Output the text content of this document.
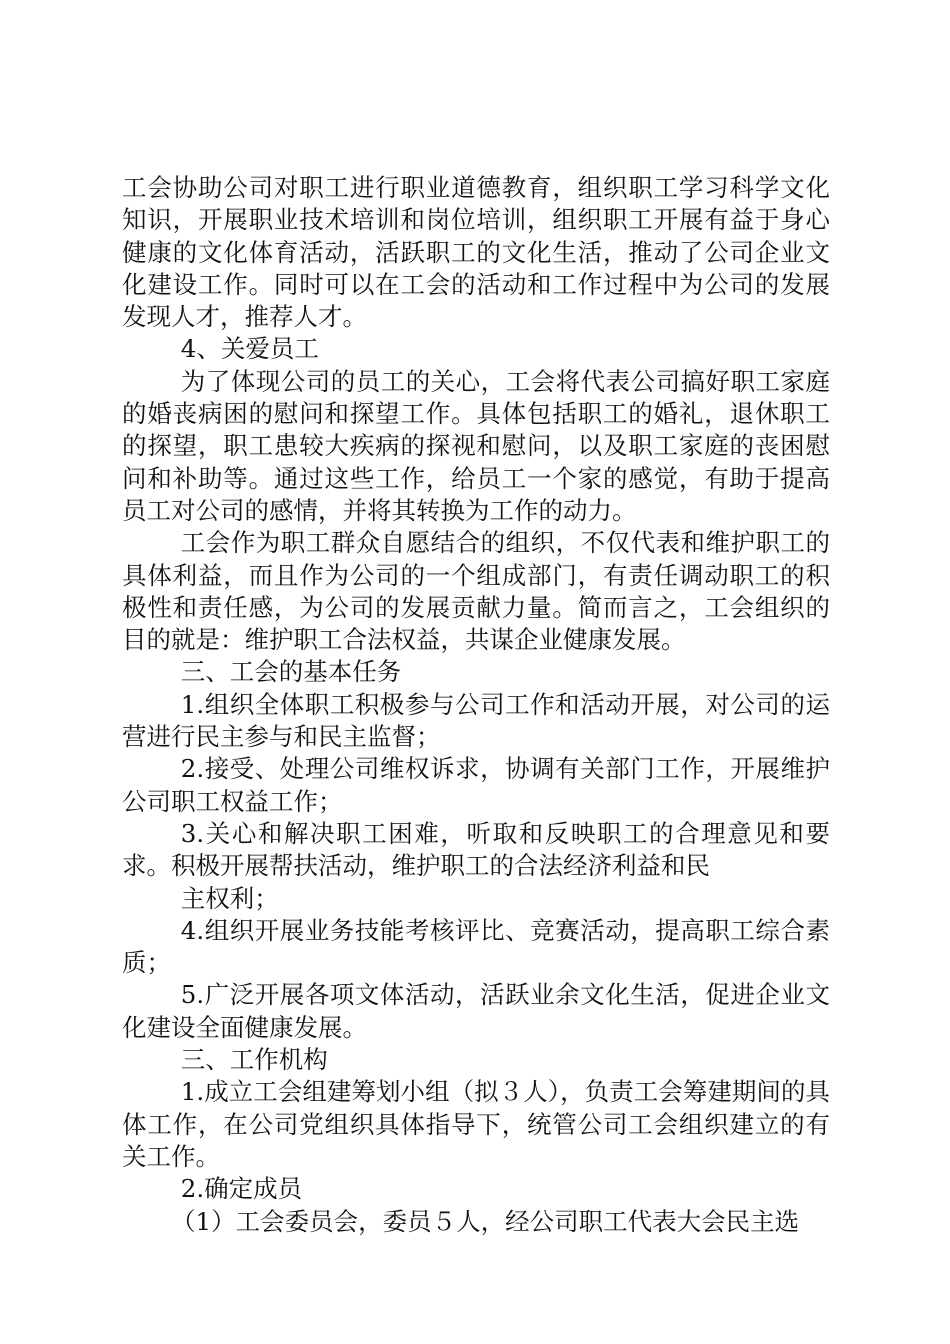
工会协助公司对职工进行职业道德教育，组织职工学习科学文化知识，开展职业技术培训和岗位培训，组织职工开展有益于身心健康的文化体育活动，活跃职工的文化生活，推动了公司企业文化建设工作。同时可以在工会的活动和工作过程中为公司的发展发现人才，推荐人才。

4、关爱员工

为了体现公司的员工的关心，工会将代表公司搞好职工家庭的婚丧病困的慰问和探望工作。具体包括职工的婚礼，退休职工的探望，职工患较大疾病的探视和慰问，以及职工家庭的丧困慰问和补助等。通过这些工作，给员工一个家的感觉，有助于提高员工对公司的感情，并将其转换为工作的动力。

工会作为职工群众自愿结合的组织，不仅代表和维护职工的具体利益，而且作为公司的一个组成部门，有责任调动职工的积极性和责任感，为公司的发展贡献力量。简而言之，工会组织的目的就是：维护职工合法权益，共谋企业健康发展。

三、工会的基本任务

1.组织全体职工积极参与公司工作和活动开展，对公司的运营进行民主参与和民主监督；

2.接受、处理公司维权诉求，协调有关部门工作，开展维护公司职工权益工作；

3.关心和解决职工困难，听取和反映职工的合理意见和要求。积极开展帮扶活动，维护职工的合法经济利益和民

主权利；

4.组织开展业务技能考核评比、竞赛活动，提高职工综合素质；

5.广泛开展各项文体活动，活跃业余文化生活，促进企业文化建设全面健康发展。

三、工作机构

1.成立工会组建筹划小组（拟３人），负责工会筹建期间的具体工作，在公司党组织具体指导下，统管公司工会组织建立的有关工作。

2.确定成员

（1）工会委员会，委员５人，经公司职工代表大会民主选
